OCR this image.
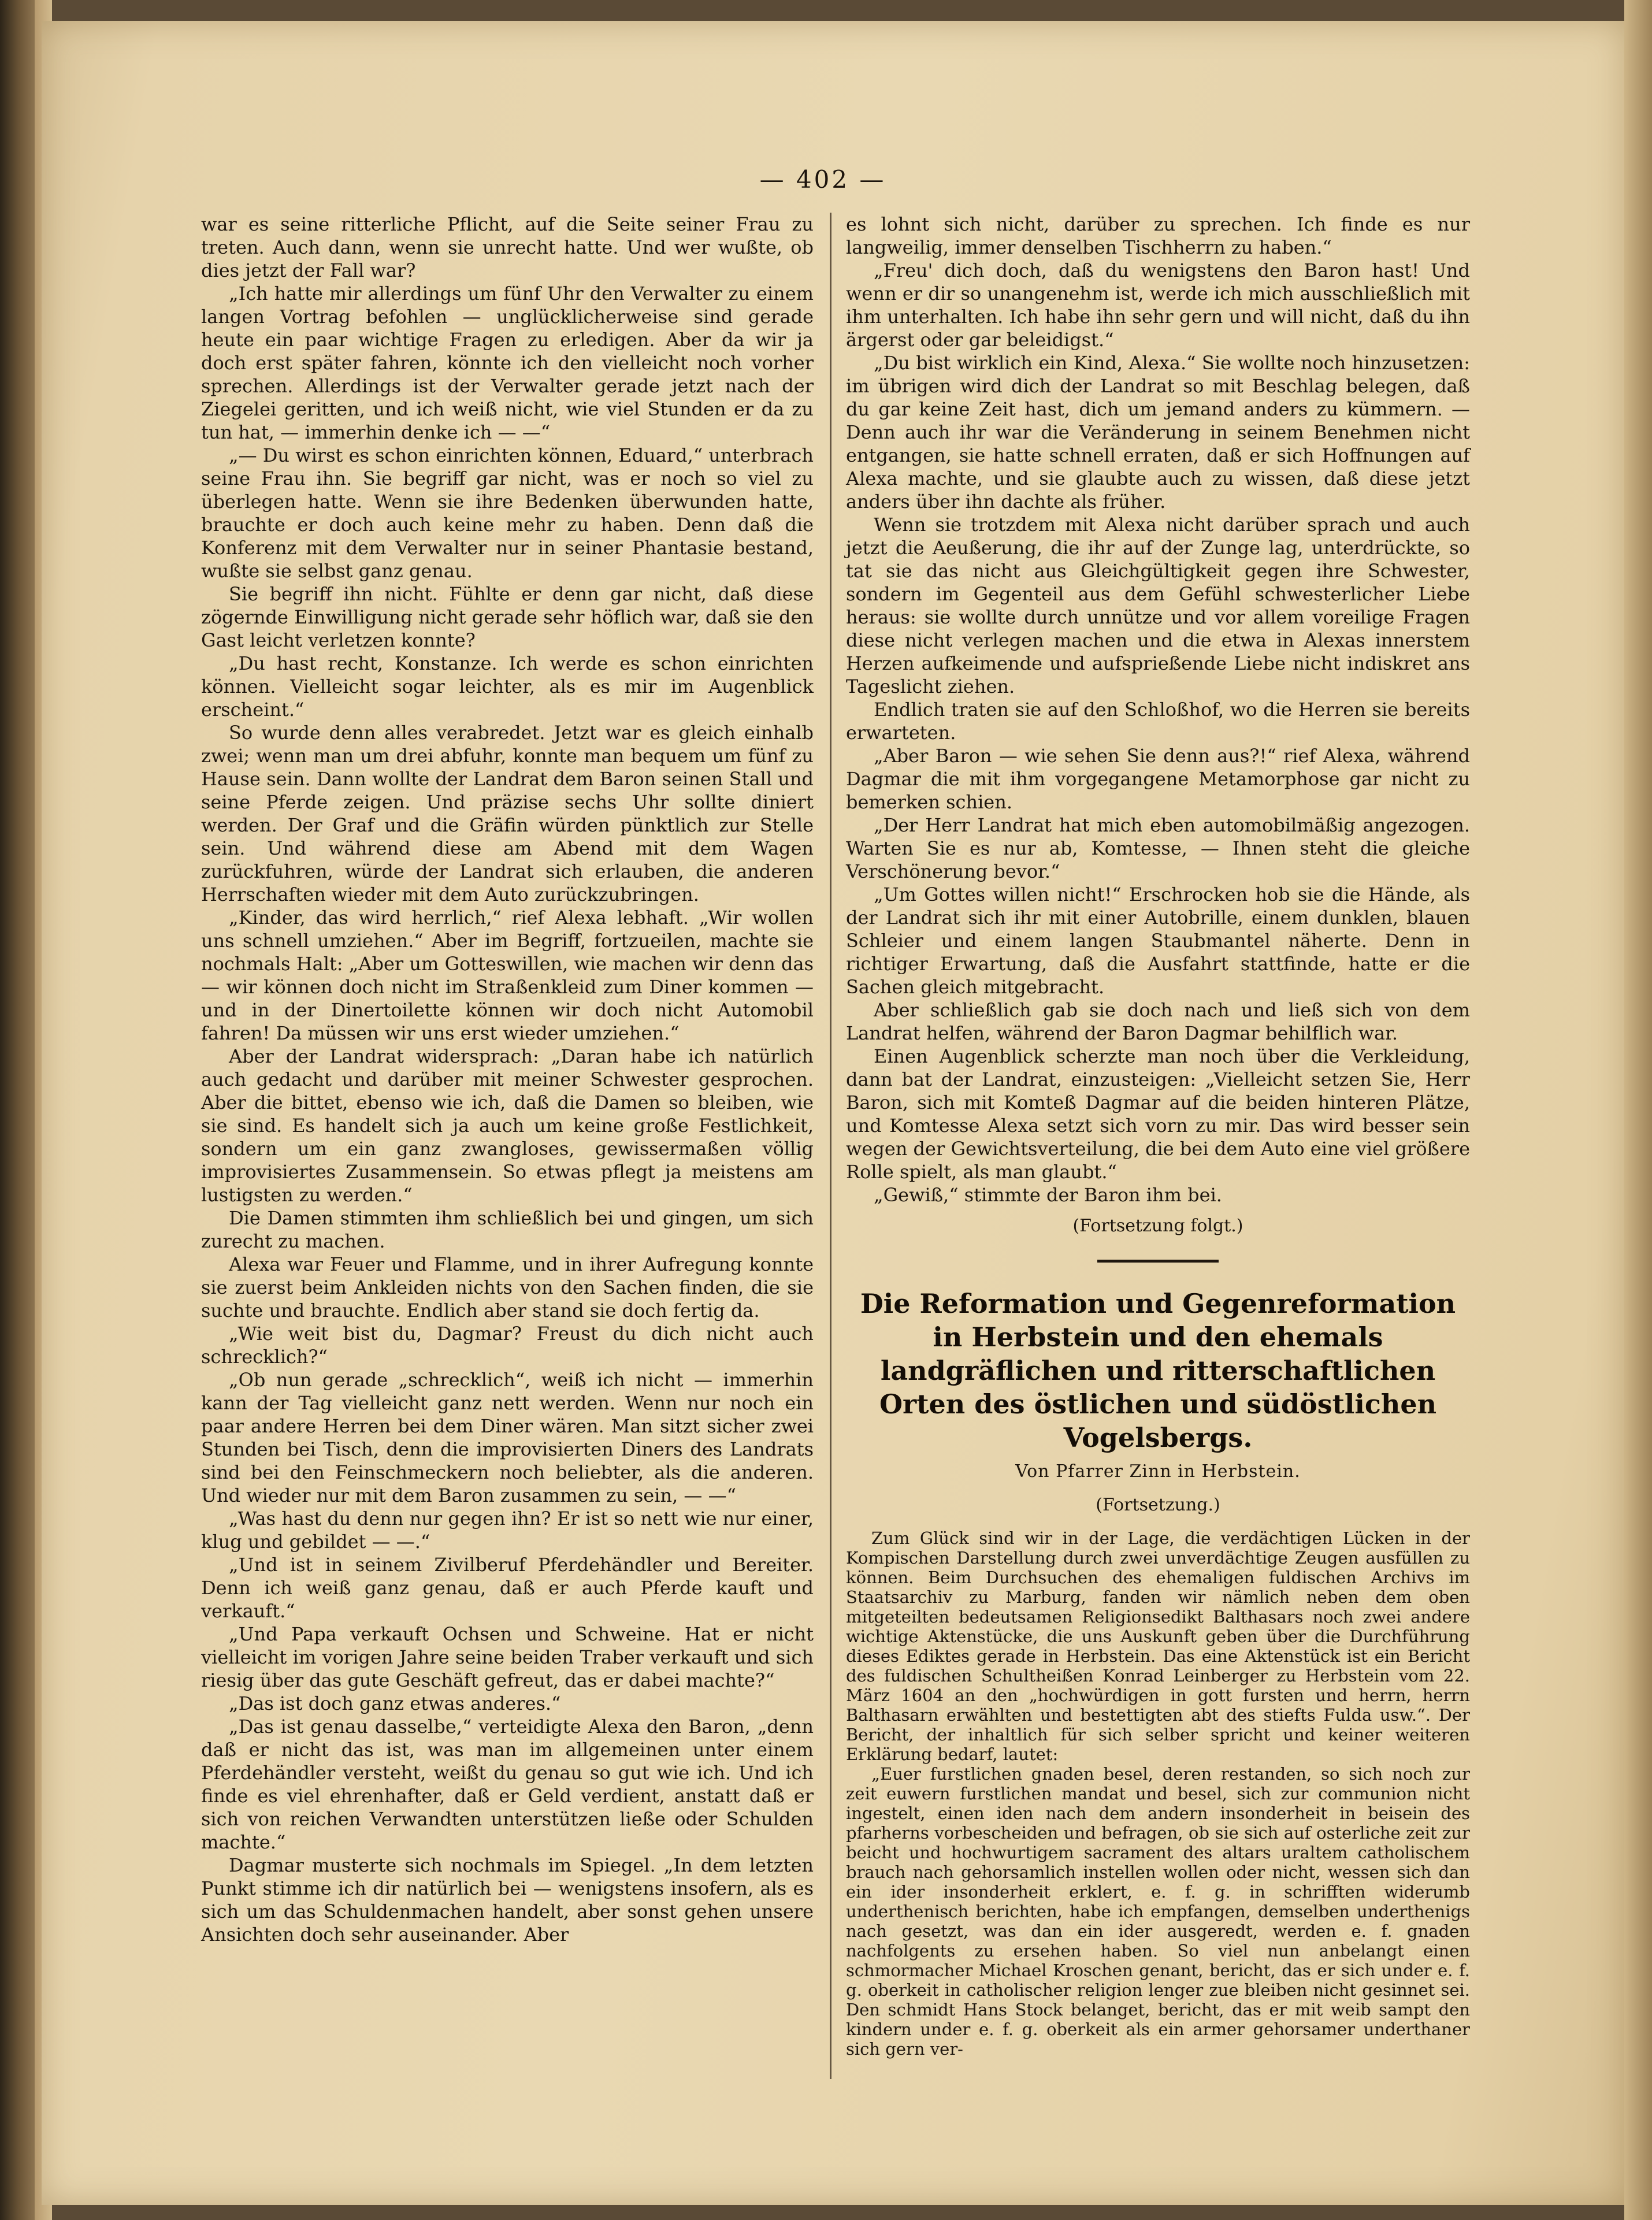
— 402 —

war es seine ritterliche Pflicht, auf die Seite seiner Frau zu treten. Auch dann, wenn sie unrecht hatte. Und wer wußte, ob dies jetzt der Fall war?

„Ich hatte mir allerdings um fünf Uhr den Verwalter zu einem langen Vortrag befohlen — unglücklicherweise sind gerade heute ein paar wichtige Fragen zu erledigen. Aber da wir ja doch erst später fahren, könnte ich den vielleicht noch vorher sprechen. Allerdings ist der Verwalter gerade jetzt nach der Ziegelei geritten, und ich weiß nicht, wie viel Stunden er da zu tun hat, — immerhin denke ich — —“

„— Du wirst es schon einrichten können, Eduard,“ unterbrach seine Frau ihn. Sie begriff gar nicht, was er noch so viel zu überlegen hatte. Wenn sie ihre Bedenken überwunden hatte, brauchte er doch auch keine mehr zu haben. Denn daß die Konferenz mit dem Verwalter nur in seiner Phantasie bestand, wußte sie selbst ganz genau.

Sie begriff ihn nicht. Fühlte er denn gar nicht, daß diese zögernde Einwilligung nicht gerade sehr höflich war, daß sie den Gast leicht verletzen konnte?

„Du hast recht, Konstanze. Ich werde es schon einrichten können. Vielleicht sogar leichter, als es mir im Augenblick erscheint.“

So wurde denn alles verabredet. Jetzt war es gleich einhalb zwei; wenn man um drei abfuhr, konnte man bequem um fünf zu Hause sein. Dann wollte der Landrat dem Baron seinen Stall und seine Pferde zeigen. Und präzise sechs Uhr sollte diniert werden. Der Graf und die Gräfin würden pünktlich zur Stelle sein. Und während diese am Abend mit dem Wagen zurückfuhren, würde der Landrat sich erlauben, die anderen Herrschaften wieder mit dem Auto zurückzubringen.

„Kinder, das wird herrlich,“ rief Alexa lebhaft. „Wir wollen uns schnell umziehen.“ Aber im Begriff, fortzueilen, machte sie nochmals Halt: „Aber um Gotteswillen, wie machen wir denn das — wir können doch nicht im Straßenkleid zum Diner kommen — und in der Dinertoilette können wir doch nicht Automobil fahren! Da müssen wir uns erst wieder umziehen.“

Aber der Landrat widersprach: „Daran habe ich natürlich auch gedacht und darüber mit meiner Schwester gesprochen. Aber die bittet, ebenso wie ich, daß die Damen so bleiben, wie sie sind. Es handelt sich ja auch um keine große Festlichkeit, sondern um ein ganz zwangloses, gewissermaßen völlig improvisiertes Zusammensein. So etwas pflegt ja meistens am lustigsten zu werden.“

Die Damen stimmten ihm schließlich bei und gingen, um sich zurecht zu machen.

Alexa war Feuer und Flamme, und in ihrer Aufregung konnte sie zuerst beim Ankleiden nichts von den Sachen finden, die sie suchte und brauchte. Endlich aber stand sie doch fertig da.

„Wie weit bist du, Dagmar? Freust du dich nicht auch schrecklich?“

„Ob nun gerade „schrecklich“, weiß ich nicht — immerhin kann der Tag vielleicht ganz nett werden. Wenn nur noch ein paar andere Herren bei dem Diner wären. Man sitzt sicher zwei Stunden bei Tisch, denn die improvisierten Diners des Landrats sind bei den Feinschmeckern noch beliebter, als die anderen. Und wieder nur mit dem Baron zusammen zu sein, — —“

„Was hast du denn nur gegen ihn? Er ist so nett wie nur einer, klug und gebildet — —.“

„Und ist in seinem Zivilberuf Pferdehändler und Bereiter. Denn ich weiß ganz genau, daß er auch Pferde kauft und verkauft.“

„Und Papa verkauft Ochsen und Schweine. Hat er nicht vielleicht im vorigen Jahre seine beiden Traber verkauft und sich riesig über das gute Geschäft gefreut, das er dabei machte?“

„Das ist doch ganz etwas anderes.“

„Das ist genau dasselbe,“ verteidigte Alexa den Baron, „denn daß er nicht das ist, was man im allgemeinen unter einem Pferdehändler versteht, weißt du genau so gut wie ich. Und ich finde es viel ehrenhafter, daß er Geld verdient, anstatt daß er sich von reichen Verwandten unterstützen ließe oder Schulden machte.“

Dagmar musterte sich nochmals im Spiegel. „In dem letzten Punkt stimme ich dir natürlich bei — wenigstens insofern, als es sich um das Schuldenmachen handelt, aber sonst gehen unsere Ansichten doch sehr auseinander. Aber

es lohnt sich nicht, darüber zu sprechen. Ich finde es nur langweilig, immer denselben Tischherrn zu haben.“

„Freu' dich doch, daß du wenigstens den Baron hast! Und wenn er dir so unangenehm ist, werde ich mich ausschließlich mit ihm unterhalten. Ich habe ihn sehr gern und will nicht, daß du ihn ärgerst oder gar beleidigst.“

„Du bist wirklich ein Kind, Alexa.“ Sie wollte noch hinzusetzen: im übrigen wird dich der Landrat so mit Beschlag belegen, daß du gar keine Zeit hast, dich um jemand anders zu kümmern. — Denn auch ihr war die Veränderung in seinem Benehmen nicht entgangen, sie hatte schnell erraten, daß er sich Hoffnungen auf Alexa machte, und sie glaubte auch zu wissen, daß diese jetzt anders über ihn dachte als früher.

Wenn sie trotzdem mit Alexa nicht darüber sprach und auch jetzt die Aeußerung, die ihr auf der Zunge lag, unterdrückte, so tat sie das nicht aus Gleichgültigkeit gegen ihre Schwester, sondern im Gegenteil aus dem Gefühl schwesterlicher Liebe heraus: sie wollte durch unnütze und vor allem voreilige Fragen diese nicht verlegen machen und die etwa in Alexas innerstem Herzen aufkeimende und aufsprießende Liebe nicht indiskret ans Tageslicht ziehen.

Endlich traten sie auf den Schloßhof, wo die Herren sie bereits erwarteten.

„Aber Baron — wie sehen Sie denn aus?!“ rief Alexa, während Dagmar die mit ihm vorgegangene Metamorphose gar nicht zu bemerken schien.

„Der Herr Landrat hat mich eben automobilmäßig angezogen. Warten Sie es nur ab, Komtesse, — Ihnen steht die gleiche Verschönerung bevor.“

„Um Gottes willen nicht!“ Erschrocken hob sie die Hände, als der Landrat sich ihr mit einer Autobrille, einem dunklen, blauen Schleier und einem langen Staubmantel näherte. Denn in richtiger Erwartung, daß die Ausfahrt stattfinde, hatte er die Sachen gleich mitgebracht.

Aber schließlich gab sie doch nach und ließ sich von dem Landrat helfen, während der Baron Dagmar behilflich war.

Einen Augenblick scherzte man noch über die Verkleidung, dann bat der Landrat, einzusteigen: „Vielleicht setzen Sie, Herr Baron, sich mit Komteß Dagmar auf die beiden hinteren Plätze, und Komtesse Alexa setzt sich vorn zu mir. Das wird besser sein wegen der Gewichtsverteilung, die bei dem Auto eine viel größere Rolle spielt, als man glaubt.“

„Gewiß,“ stimmte der Baron ihm bei.

(Fortsetzung folgt.)

Die Reformation und Gegenreformation in Herbstein und den ehemals landgräflichen und ritterschaftlichen Orten des östlichen und südöstlichen Vogelsbergs.

Von Pfarrer Zinn in Herbstein.

(Fortsetzung.)

Zum Glück sind wir in der Lage, die verdächtigen Lücken in der Kompischen Darstellung durch zwei unverdächtige Zeugen ausfüllen zu können. Beim Durchsuchen des ehemaligen fuldischen Archivs im Staatsarchiv zu Marburg, fanden wir nämlich neben dem oben mitgeteilten bedeutsamen Religionsedikt Balthasars noch zwei andere wichtige Aktenstücke, die uns Auskunft geben über die Durchführung dieses Ediktes gerade in Herbstein. Das eine Aktenstück ist ein Bericht des fuldischen Schultheißen Konrad Leinberger zu Herbstein vom 22. März 1604 an den „hochwürdigen in gott fursten und herrn, herrn Balthasarn erwählten und bestettigten abt des stiefts Fulda usw.“. Der Bericht, der inhaltlich für sich selber spricht und keiner weiteren Erklärung bedarf, lautet:

„Euer furstlichen gnaden besel, deren restanden, so sich noch zur zeit euwern furstlichen mandat und besel, sich zur communion nicht ingestelt, einen iden nach dem andern insonderheit in beisein des pfarherns vorbescheiden und befragen, ob sie sich auf osterliche zeit zur beicht und hochwurtigem sacrament des altars uraltem catholischem brauch nach gehorsamlich instellen wollen oder nicht, wessen sich dan ein ider insonderheit erklert, e. f. g. in schrifften widerumb underthenisch berichten, habe ich empfangen, demselben underthenigs nach gesetzt, was dan ein ider ausgeredt, werden e. f. gnaden nachfolgents zu ersehen haben. So viel nun anbelangt einen schmormacher Michael Kroschen genant, bericht, das er sich under e. f. g. oberkeit in catholischer religion lenger zue bleiben nicht gesinnet sei. Den schmidt Hans Stock belanget, bericht, das er mit weib sampt den kindern under e. f. g. oberkeit als ein armer gehorsamer underthaner sich gern ver-
